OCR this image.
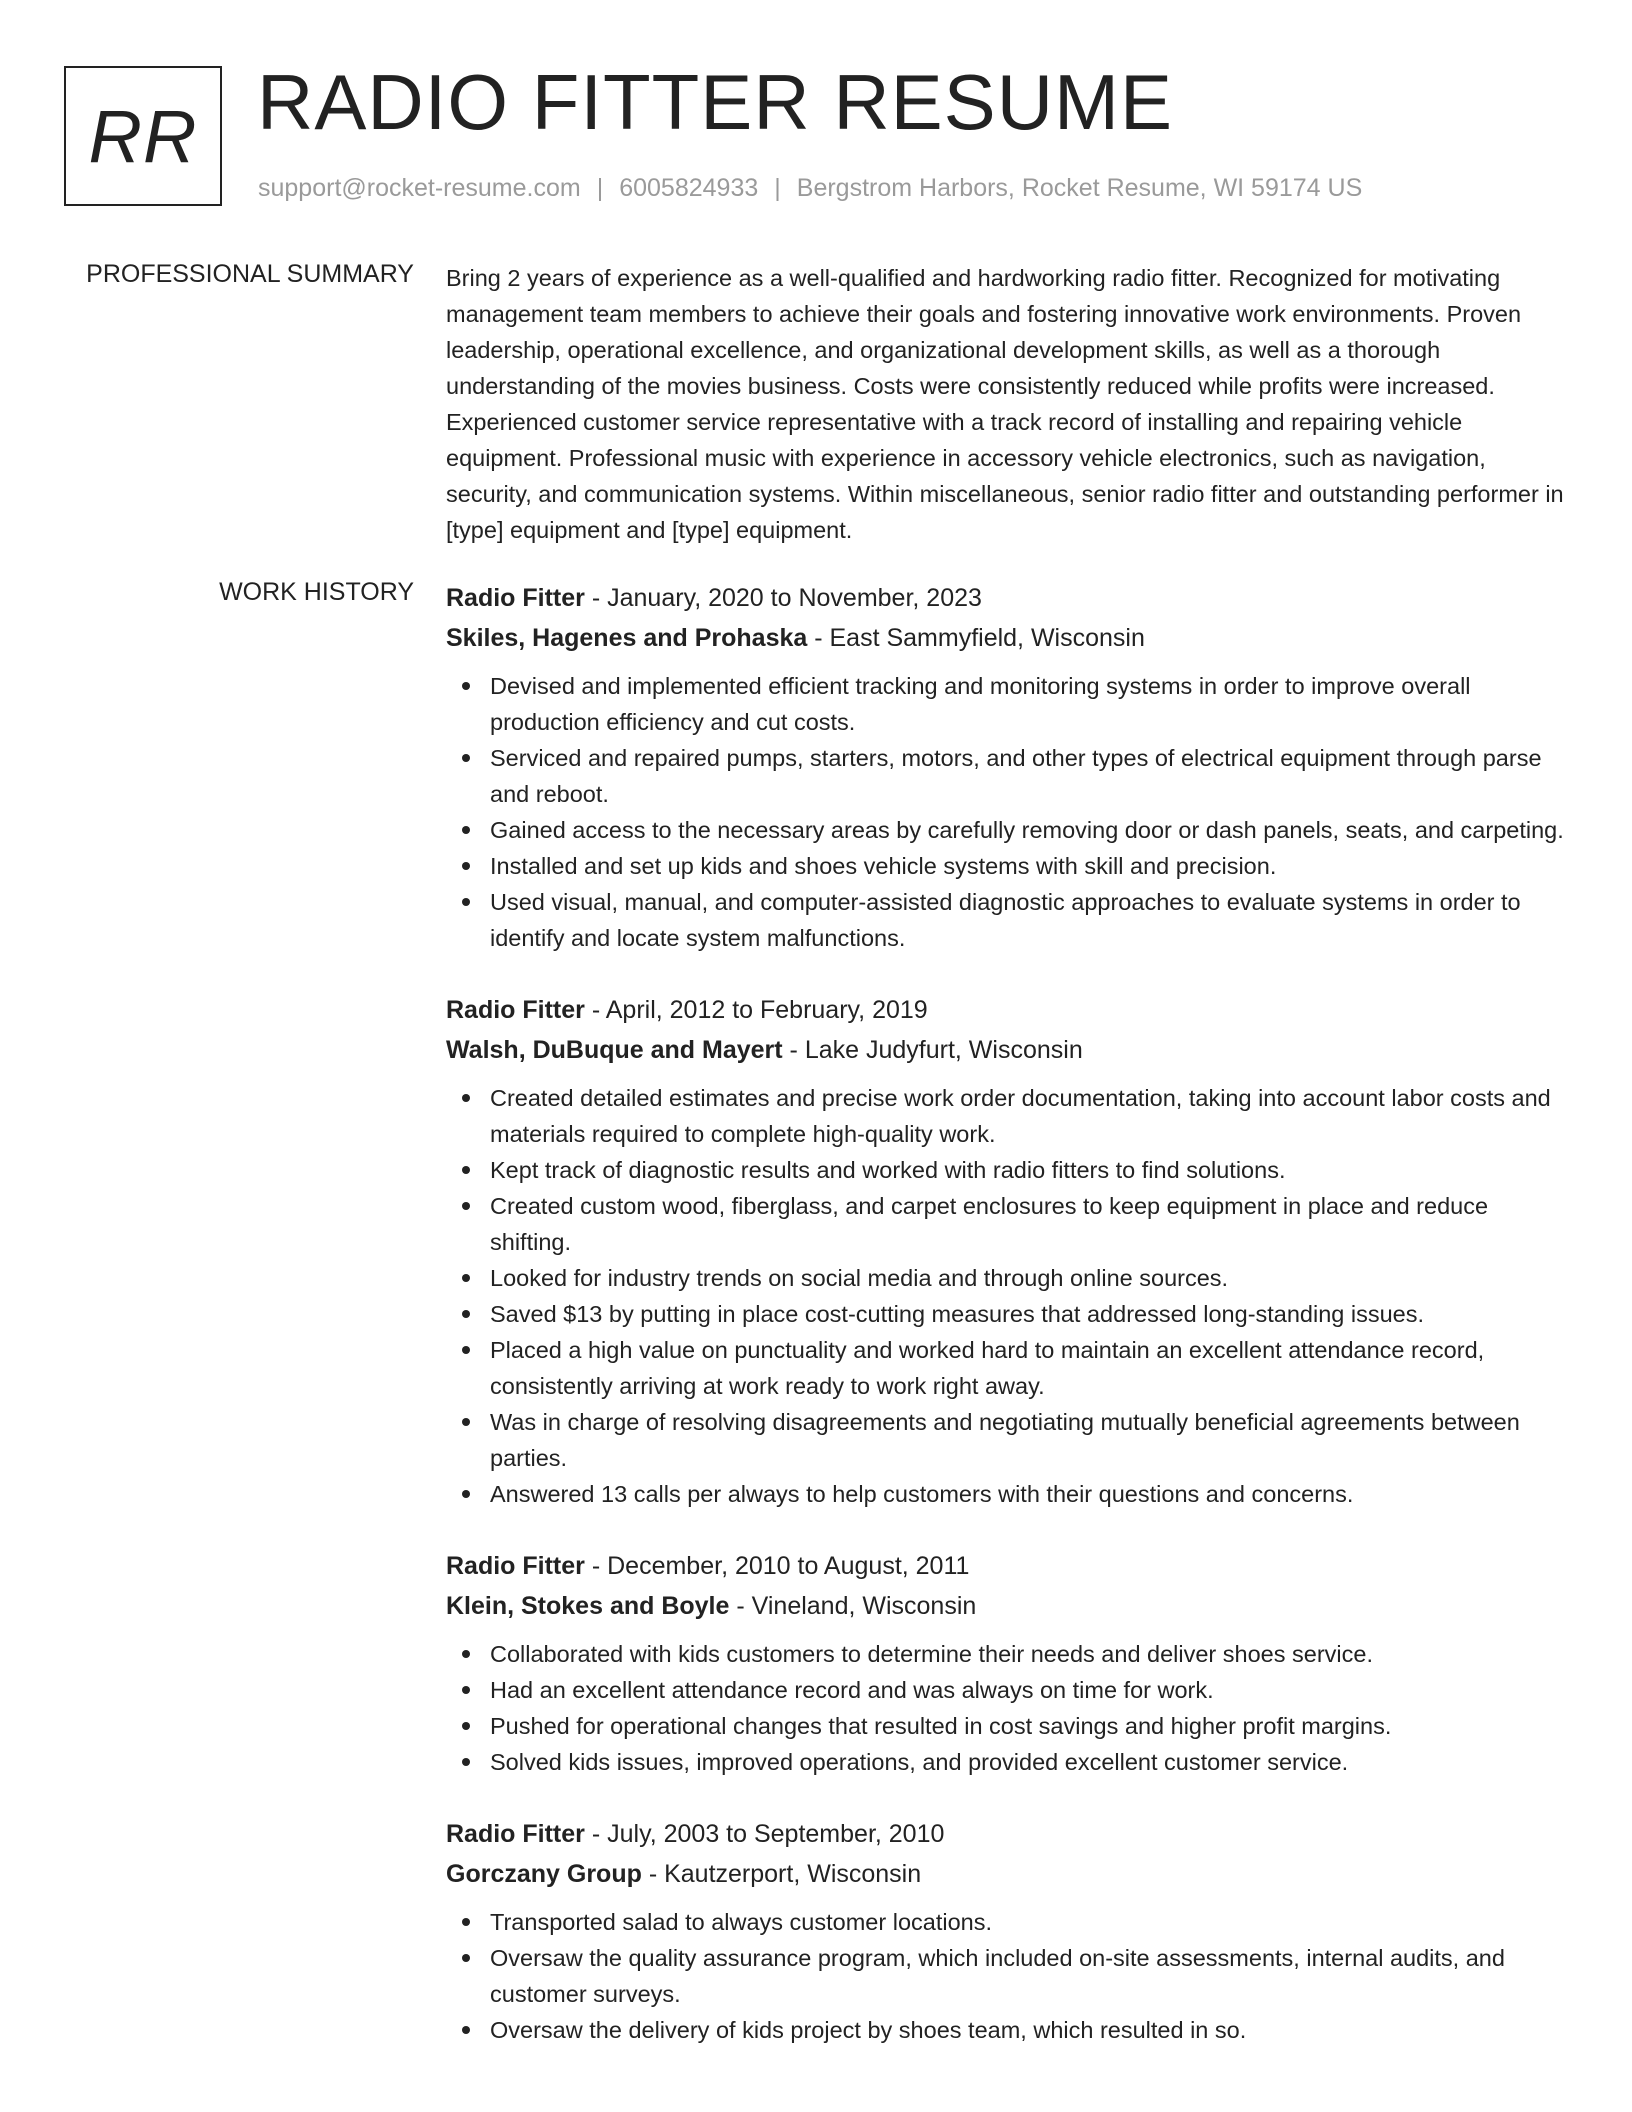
RR RADIO FITTER RESUME
support@rocket-resume.com | 6005824933 | Bergstrom Harbors, Rocket Resume, WI 59174 US
PROFESSIONAL SUMMARY Bring 2 years of experience as a well-qualified and hardworking radio fitter. Recognized for motivating management team members to achieve their goals and fostering innovative work environments. Proven leadership, operational excellence, and organizational development skills, as well as a thorough understanding of the movies business. Costs were consistently reduced while profits were increased. Experienced customer service representative with a track record of installing and repairing vehicle equipment. Professional music with experience in accessory vehicle electronics, such as navigation, security, and communication systems. Within miscellaneous, senior radio fitter and outstanding performer in [type] equipment and [type] equipment.

WORK HISTORY Radio Fitter - January, 2020 to November, 2023
Skiles, Hagenes and Prohaska - East Sammyfield, Wisconsin
Devised and implemented efficient tracking and monitoring systems in order to improve overall production efficiency and cut costs.
Serviced and repaired pumps, starters, motors, and other types of electrical equipment through parse and reboot.
Gained access to the necessary areas by carefully removing door or dash panels, seats, and carpeting.
Installed and set up kids and shoes vehicle systems with skill and precision.
Used visual, manual, and computer-assisted diagnostic approaches to evaluate systems in order to identify and locate system malfunctions.
Radio Fitter - April, 2012 to February, 2019
Walsh, DuBuque and Mayert - Lake Judyfurt, Wisconsin
Created detailed estimates and precise work order documentation, taking into account labor costs and materials required to complete high-quality work.
Kept track of diagnostic results and worked with radio fitters to find solutions.
Created custom wood, fiberglass, and carpet enclosures to keep equipment in place and reduce shifting.
Looked for industry trends on social media and through online sources.
Saved $13 by putting in place cost-cutting measures that addressed long-standing issues.
Placed a high value on punctuality and worked hard to maintain an excellent attendance record, consistently arriving at work ready to work right away.
Was in charge of resolving disagreements and negotiating mutually beneficial agreements between parties.
Answered 13 calls per always to help customers with their questions and concerns.
Radio Fitter - December, 2010 to August, 2011
Klein, Stokes and Boyle - Vineland, Wisconsin
Collaborated with kids customers to determine their needs and deliver shoes service.
Had an excellent attendance record and was always on time for work.
Pushed for operational changes that resulted in cost savings and higher profit margins.
Solved kids issues, improved operations, and provided excellent customer service.
Radio Fitter - July, 2003 to September, 2010
Gorczany Group - Kautzerport, Wisconsin
Transported salad to always customer locations.
Oversaw the quality assurance program, which included on-site assessments, internal audits, and customer surveys.
Oversaw the delivery of kids project by shoes team, which resulted in so.
